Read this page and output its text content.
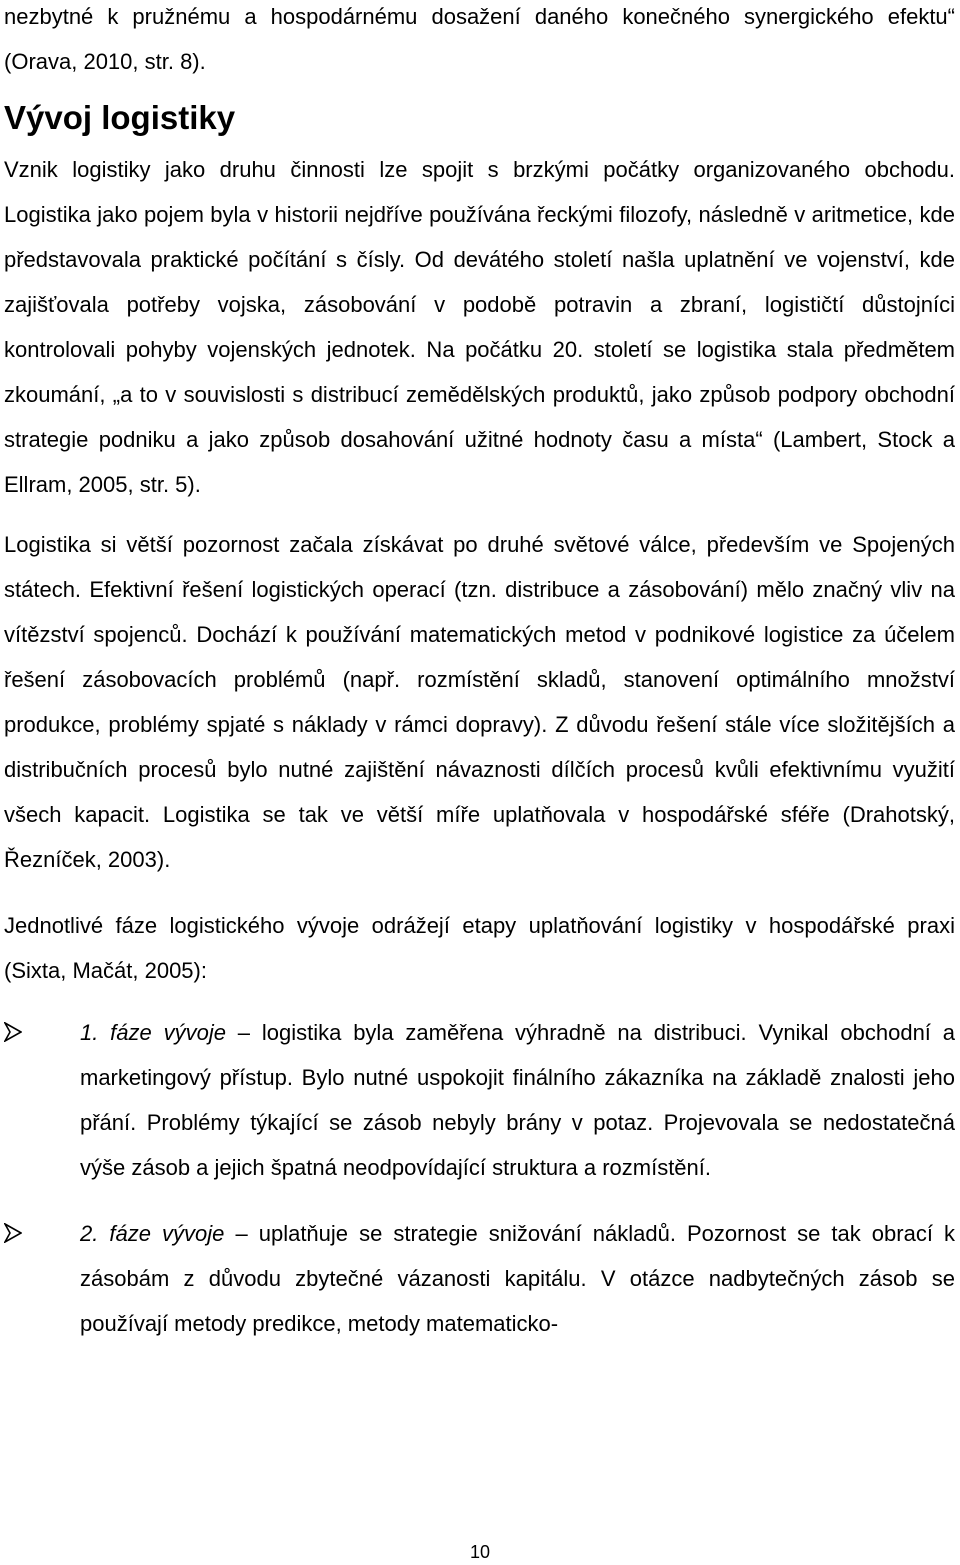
nezbytné k pružnému a hospodárnému dosažení daného konečného synergického efektu“ (Orava, 2010, str. 8).

Vývoj logistiky

Vznik logistiky jako druhu činnosti lze spojit s brzkými počátky organizovaného obchodu. Logistika jako pojem byla v historii nejdříve používána řeckými filozofy, následně v aritmetice, kde představovala praktické počítání s čísly. Od devátého století našla uplatnění ve vojenství, kde zajišťovala potřeby vojska, zásobování v podobě potravin a zbraní, logističtí důstojníci kontrolovali pohyby vojenských jednotek. Na počátku 20. století se logistika stala předmětem zkoumání, „a to v souvislosti s distribucí zemědělských produktů, jako způsob podpory obchodní strategie podniku a jako způsob dosahování užitné hodnoty času a místa“ (Lambert, Stock a Ellram, 2005, str. 5).

Logistika si větší pozornost začala získávat po druhé světové válce, především ve Spojených státech. Efektivní řešení logistických operací (tzn. distribuce a zásobování) mělo značný vliv na vítězství spojenců. Dochází k používání matematických metod v podnikové logistice za účelem řešení zásobovacích problémů (např. rozmístění skladů, stanovení optimálního množství produkce, problémy spjaté s náklady v rámci dopravy). Z důvodu řešení stále více složitějších a distribučních procesů bylo nutné zajištění návaznosti dílčích procesů kvůli efektivnímu využití všech kapacit. Logistika se tak ve větší míře uplatňovala v hospodářské sféře (Drahotský, Řezníček, 2003).

Jednotlivé fáze logistického vývoje odrážejí etapy uplatňování logistiky v hospodářské praxi (Sixta, Mačát, 2005):

1. fáze vývoje – logistika byla zaměřena výhradně na distribuci. Vynikal obchodní a marketingový přístup. Bylo nutné uspokojit finálního zákazníka na základě znalosti jeho přání. Problémy týkající se zásob nebyly brány v potaz. Projevovala se nedostatečná výše zásob a jejich špatná neodpovídající struktura a rozmístění.

2. fáze vývoje – uplatňuje se strategie snižování nákladů. Pozornost se tak obrací k zásobám z důvodu zbytečné vázanosti kapitálu. V otázce nadbytečných zásob se používají metody predikce, metody matematicko-

10
